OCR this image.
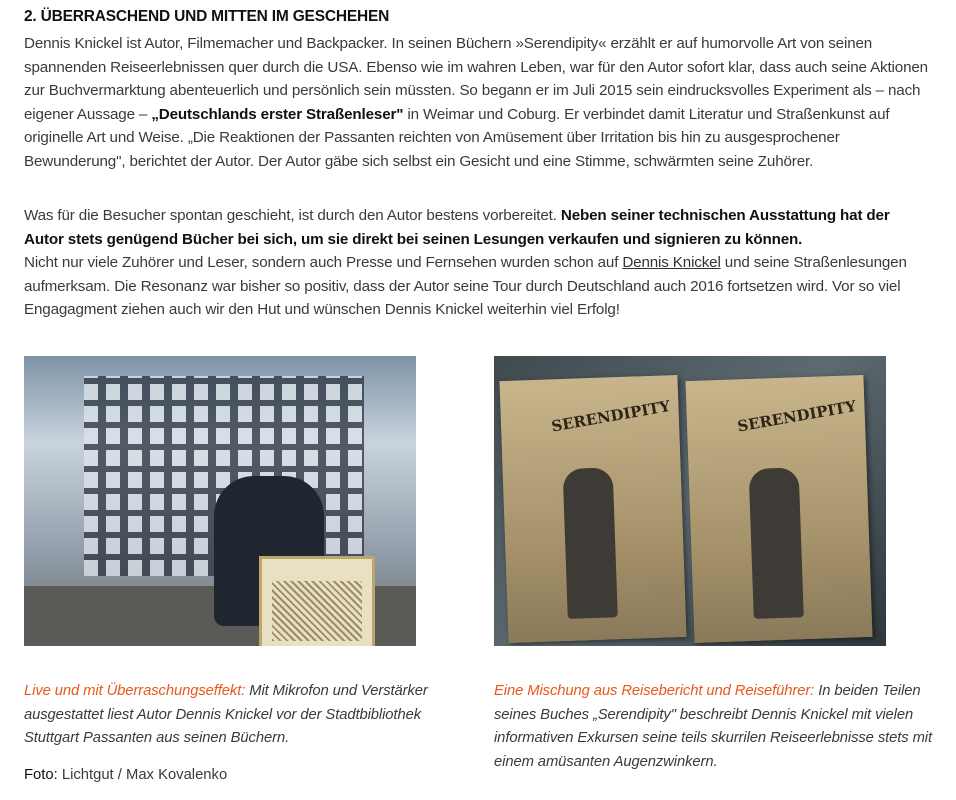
2. ÜBERRASCHEND UND MITTEN IM GESCHEHEN
Dennis Knickel ist Autor, Filmemacher und Backpacker. In seinen Büchern »Serendipity« erzählt er auf humorvolle Art von seinen spannenden Reiseerlebnissen quer durch die USA. Ebenso wie im wahren Leben, war für den Autor sofort klar, dass auch seine Aktionen zur Buchvermarktung abenteuerlich und persönlich sein müssten. So begann er im Juli 2015 sein eindrucksvolles Experiment als – nach eigener Aussage – „Deutschlands erster Straßenleser" in Weimar und Coburg. Er verbindet damit Literatur und Straßenkunst auf originelle Art und Weise. „Die Reaktionen der Passanten reichten von Amüsement über Irritation bis hin zu ausgesprochener Bewunderung", berichtet der Autor. Der Autor gäbe sich selbst ein Gesicht und eine Stimme, schwärmten seine Zuhörer.
Was für die Besucher spontan geschieht, ist durch den Autor bestens vorbereitet. Neben seiner technischen Ausstattung hat der Autor stets genügend Bücher bei sich, um sie direkt bei seinen Lesungen verkaufen und signieren zu können.
Nicht nur viele Zuhörer und Leser, sondern auch Presse und Fernsehen wurden schon auf Dennis Knickel und seine Straßenlesungen aufmerksam. Die Resonanz war bisher so positiv, dass der Autor seine Tour durch Deutschland auch 2016 fortsetzen wird. Vor so viel Engagagment ziehen auch wir den Hut und wünschen Dennis Knickel weiterhin viel Erfolg!
SERENDIPITY	SERENDIPITY
Live und mit Überraschungseffekt: Mit Mikrofon und Verstärker ausgestattet liest Autor Dennis Knickel vor der Stadtbibliothek Stuttgart Passanten aus seinen Büchern.
Eine Mischung aus Reisebericht und Reiseführer: In beiden Teilen seines Buches „Serendipity" beschreibt Dennis Knickel mit vielen informativen Exkursen seine teils skurrilen Reiseerlebnisse stets mit einem amüsanten Augenzwinkern.
Foto: Lichtgut / Max Kovalenko
